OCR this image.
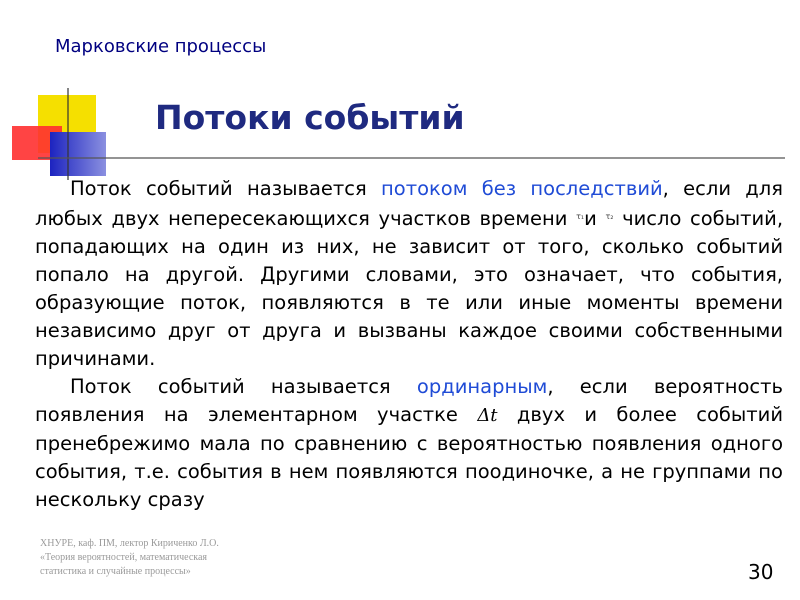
Марковские процессы
Потоки событий

Поток событий называется потоком без последствий, если для любых двух непересекающихся участков времени $^{\tau_1}$и $^{\tau_2}$ число событий, попадающих на один из них, не зависит от того, сколько событий попало на другой. Другими словами, это означает, что события, образующие поток, появляются в те или иные моменты времени независимо друг от друга и вызваны каждое своими собственными причинами.

Поток событий называется ординарным, если вероятность появления на элементарном участке Δt двух и более событий пренебрежимо мала по сравнению с вероятностью появления одного события, т.е. события в нем появляются поодиночке, а не группами по нескольку сразу

ХНУРЕ, каф. ПМ, лектор Кириченко Л.О.
«Теория вероятностей, математическая
статистика и случайные процессы»	30
